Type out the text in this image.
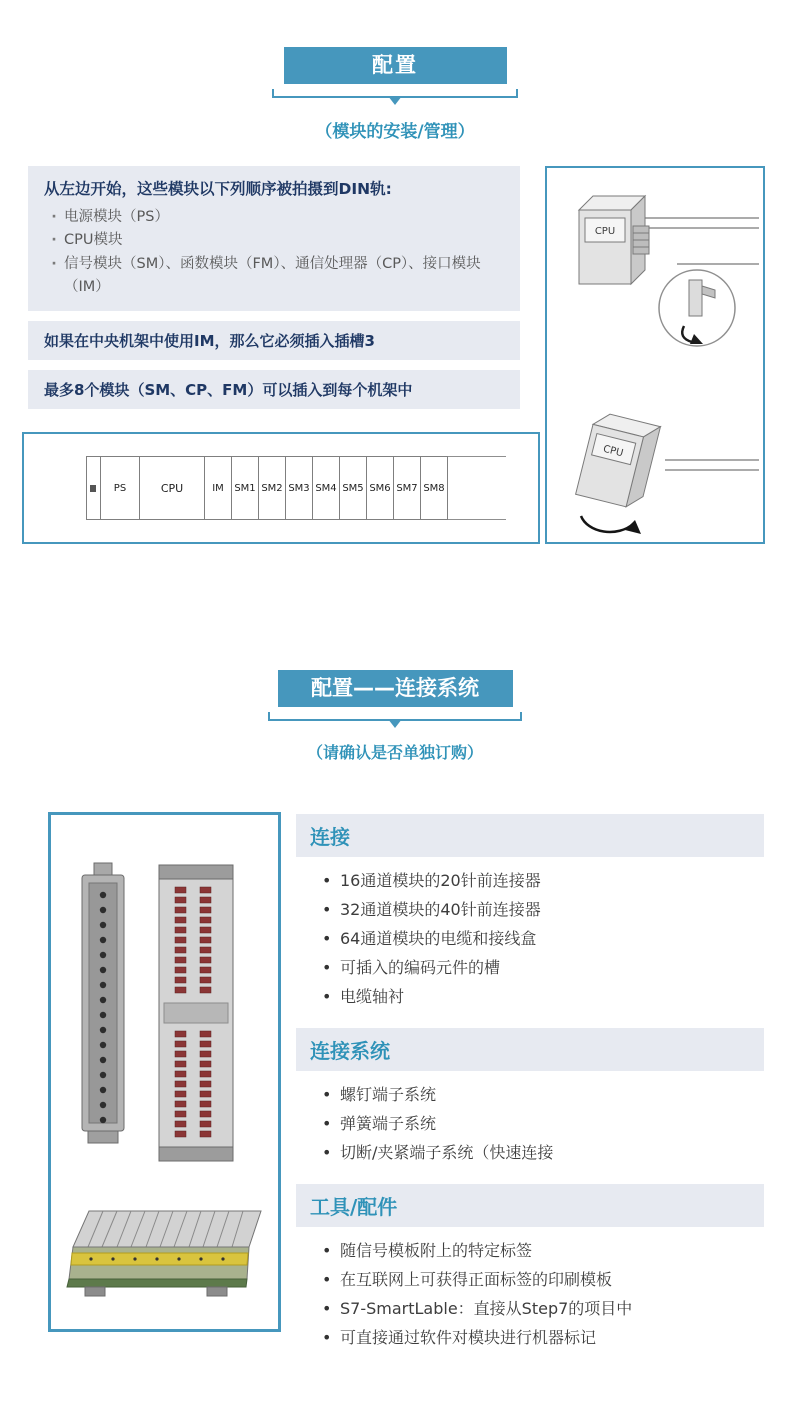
配置
（模块的安装/管理）
从左边开始，这些模块以下列顺序被拍摄到DIN轨:
· 电源模块（PS）
· CPU模块
· 信号模块（SM）、函数模块（FM）、通信处理器（CP）、接口模块（IM）
如果在中央机架中使用IM，那么它必须插入插槽3
最多8个模块（SM、CP、FM）可以插入到每个机架中
CPU
CPU
PS	CPU	IM	SM1 SM2 SM3 SM4 SM5 SM6 SM7 SM8
配置——连接系统
（请确认是否单独订购）
连接
• 16通道模块的20针前连接器
• 32通道模块的40针前连接器
• 64通道模块的电缆和接线盒
• 可插入的编码元件的槽
• 电缆轴衬
连接系统
• 螺钉端子系统
• 弹簧端子系统
• 切断/夹紧端子系统（快速连接
工具/配件
• 随信号模板附上的特定标签
• 在互联网上可获得正面标签的印刷模板
• S7-SmartLable：直接从Step7的项目中
• 可直接通过软件对模块进行机器标记
